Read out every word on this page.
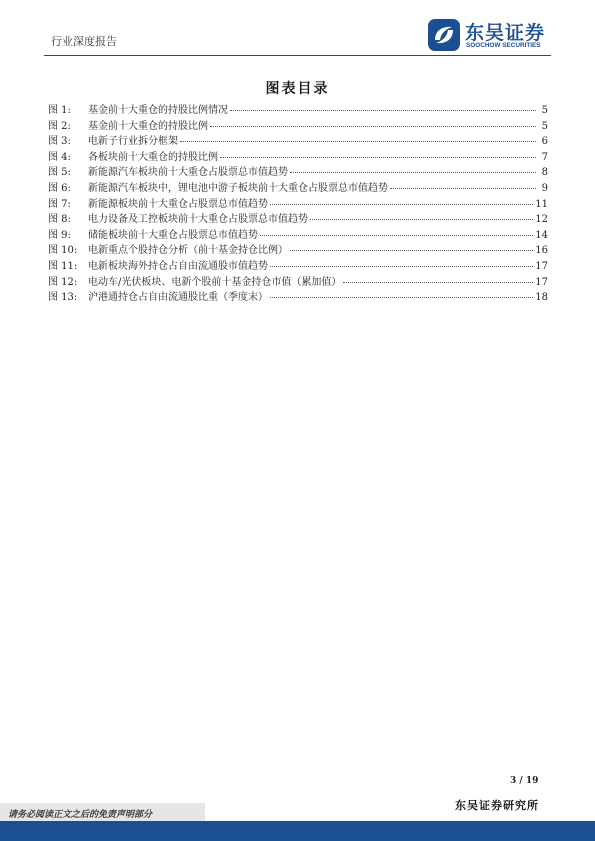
行业深度报告	东吴证券
SOOCHOW SECURITIES
图表目录
图 1:	基金前十大重仓的持股比例情况	5
图 2:	基金前十大重仓的持股比例	5
图 3:	电新子行业拆分框架	6
图 4:	各板块前十大重仓的持股比例	7
图 5:	新能源汽车板块前十大重仓占股票总市值趋势	8
图 6:	新能源汽车板块中，锂电池中游子板块前十大重仓占股票总市值趋势	9
图 7:	新能源板块前十大重仓占股票总市值趋势	11
图 8:	电力设备及工控板块前十大重仓占股票总市值趋势	12
图 9:	储能板块前十大重仓占股票总市值趋势	14
图 10:	电新重点个股持仓分析（前十基金持仓比例）	16
图 11:	电新板块海外持仓占自由流通股市值趋势	17
图 12:	电动车/光伏板块、电新个股前十基金持仓市值（累加值）	17
图 13:	沪港通持仓占自由流通股比重（季度末）	18
3 / 19
请务必阅读正文之后的免责声明部分
东吴证券研究所
